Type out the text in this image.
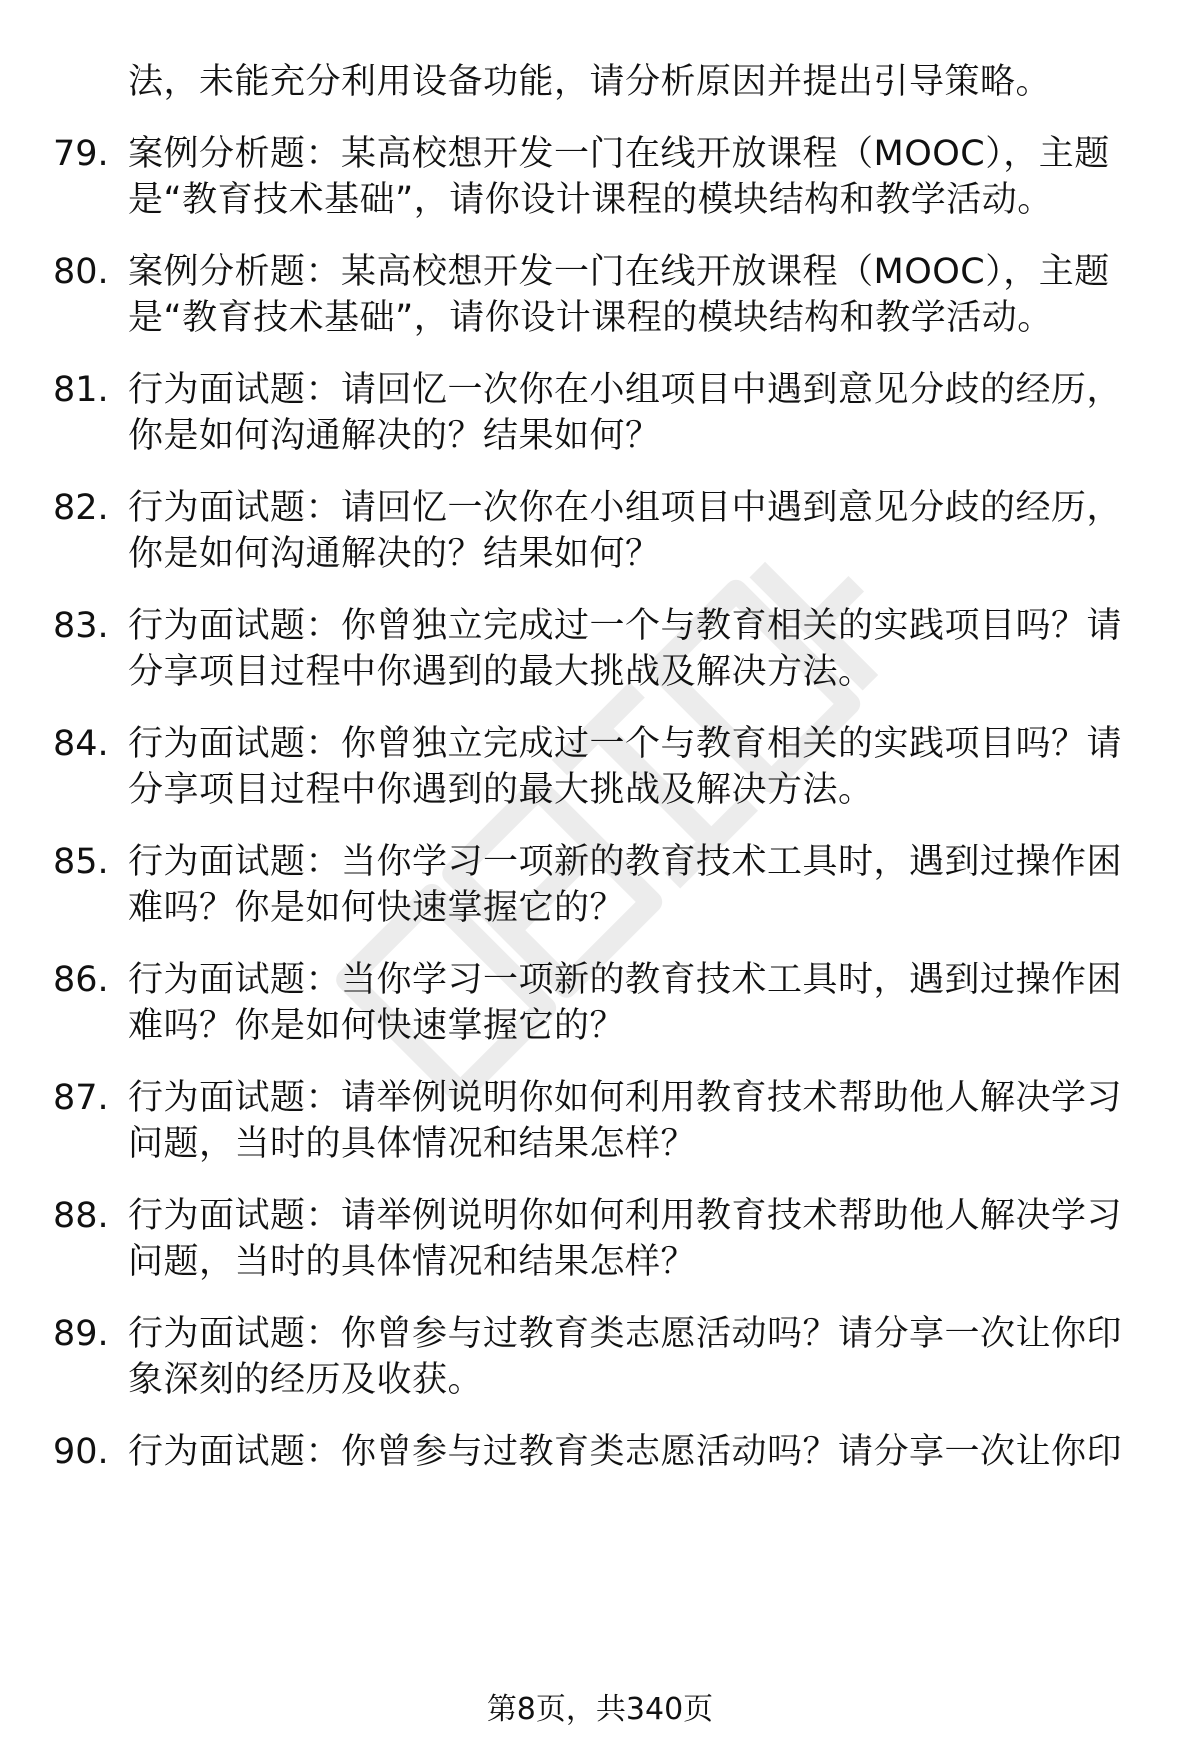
法，未能充分利用设备功能，请分析原因并提出引导策略。
79. 案例分析题：某高校想开发一门在线开放课程（MOOC），主题
是“教育技术基础”，请你设计课程的模块结构和教学活动。
80. 案例分析题：某高校想开发一门在线开放课程（MOOC），主题
是“教育技术基础”，请你设计课程的模块结构和教学活动。
81. 行为面试题：请回忆一次你在小组项目中遇到意见分歧的经历，
你是如何沟通解决的？结果如何？
82. 行为面试题：请回忆一次你在小组项目中遇到意见分歧的经历，
你是如何沟通解决的？结果如何？
83. 行为面试题：你曾独立完成过一个与教育相关的实践项目吗？请
分享项目过程中你遇到的最大挑战及解决方法。
84. 行为面试题：你曾独立完成过一个与教育相关的实践项目吗？请
分享项目过程中你遇到的最大挑战及解决方法。
85. 行为面试题：当你学习一项新的教育技术工具时，遇到过操作困
难吗？你是如何快速掌握它的？
86. 行为面试题：当你学习一项新的教育技术工具时，遇到过操作困
难吗？你是如何快速掌握它的？
87. 行为面试题：请举例说明你如何利用教育技术帮助他人解决学习
问题，当时的具体情况和结果怎样？
88. 行为面试题：请举例说明你如何利用教育技术帮助他人解决学习
问题，当时的具体情况和结果怎样？
89. 行为面试题：你曾参与过教育类志愿活动吗？请分享一次让你印
象深刻的经历及收获。
90. 行为面试题：你曾参与过教育类志愿活动吗？请分享一次让你印
第8页，共340页
